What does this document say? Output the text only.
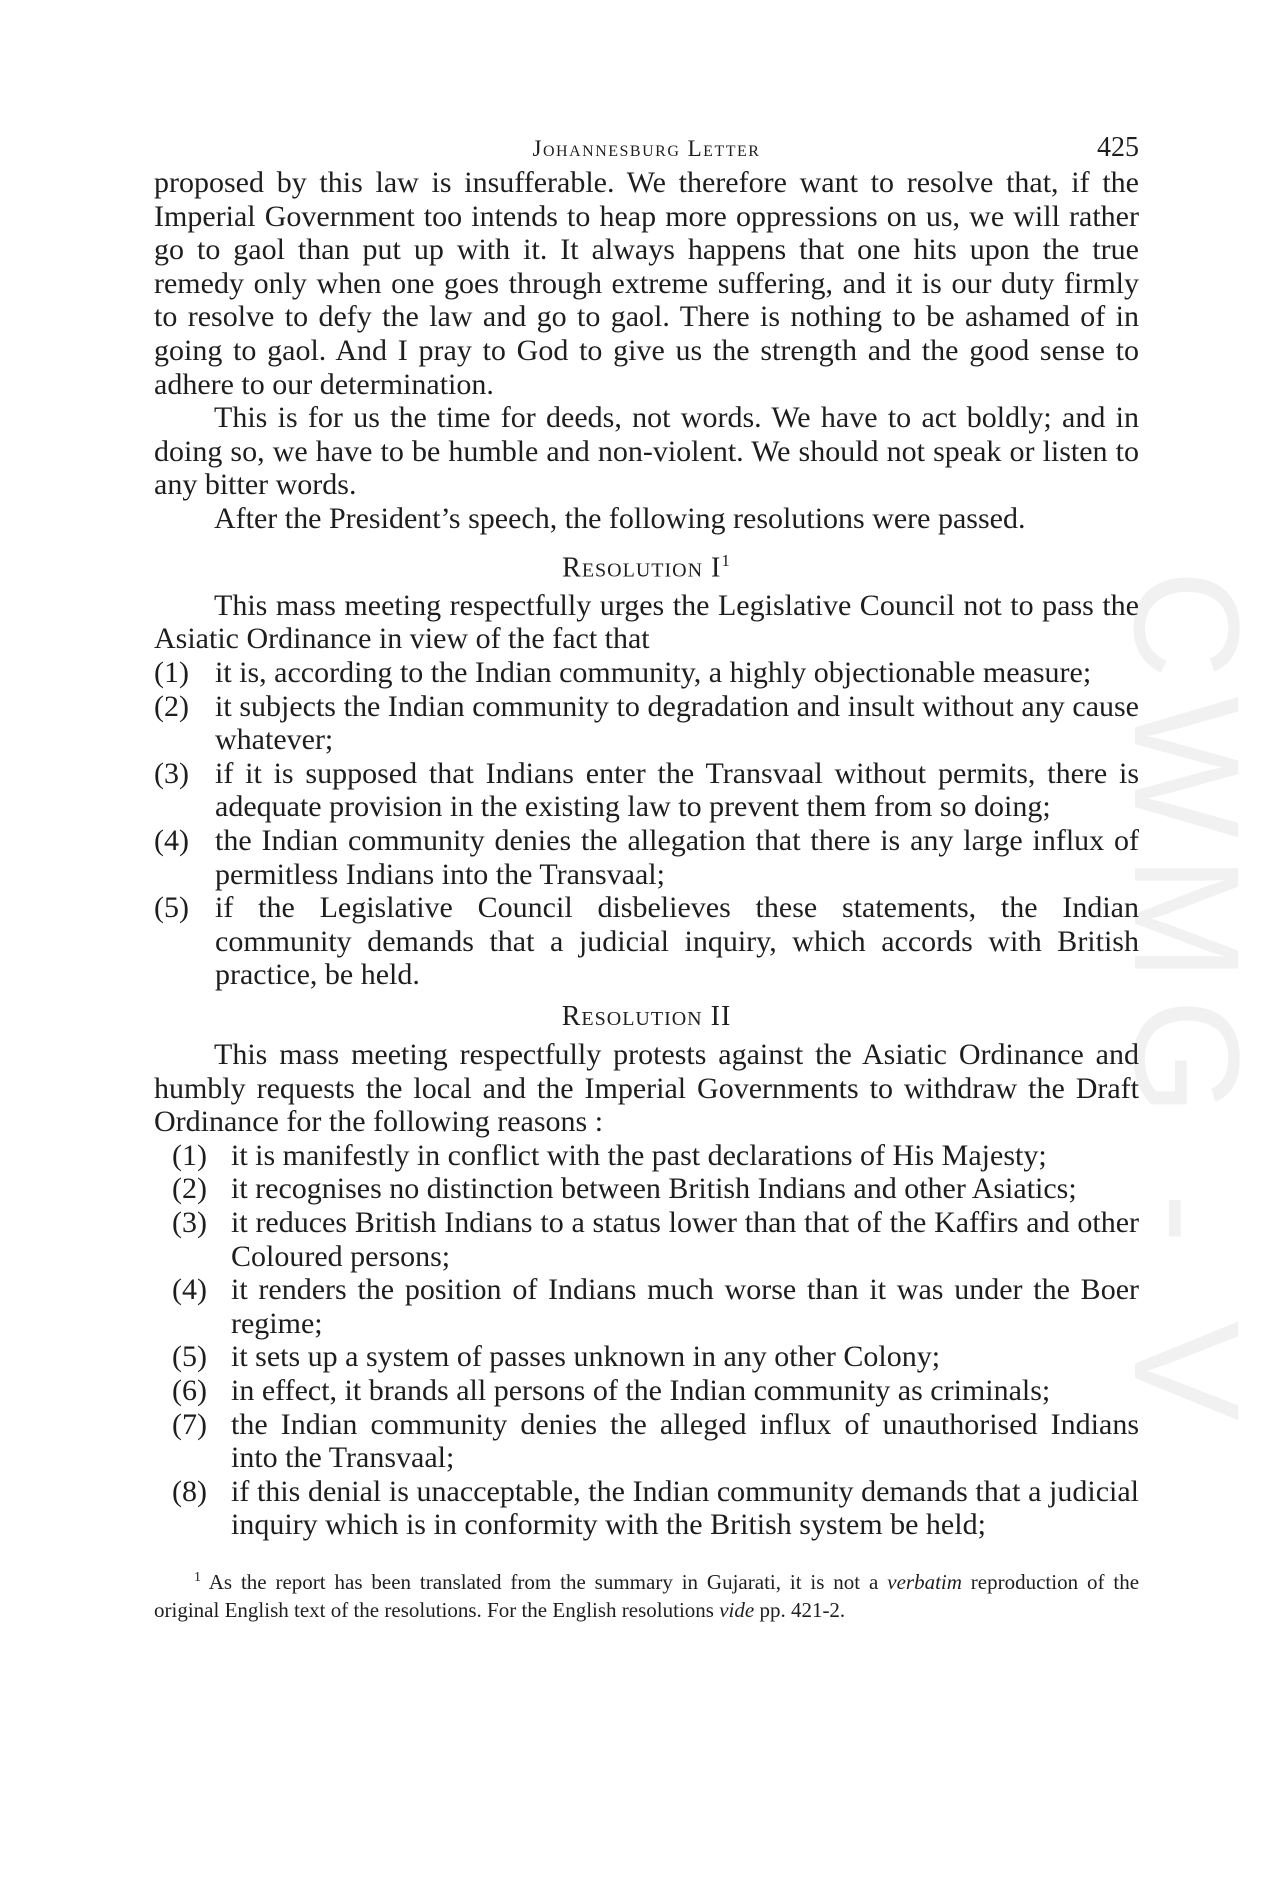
CWMG - V
Johannesburg Letter	425

proposed by this law is insufferable. We therefore want to resolve that, if the Imperial Government too intends to heap more oppressions on us, we will rather go to gaol than put up with it. It always happens that one hits upon the true remedy only when one goes through extreme suffering, and it is our duty firmly to resolve to defy the law and go to gaol. There is nothing to be ashamed of in going to gaol. And I pray to God to give us the strength and the good sense to adhere to our determination.

This is for us the time for deeds, not words. We have to act boldly; and in doing so, we have to be humble and non-violent. We should not speak or listen to any bitter words.

After the President’s speech, the following resolutions were passed.

Resolution $I^1$

This mass meeting respectfully urges the Legislative Council not to pass the Asiatic Ordinance in view of the fact that

(1) it is, according to the Indian community, a highly objectionable measure;
(2) it subjects the Indian community to degradation and insult without any cause whatever;
(3) if it is supposed that Indians enter the Transvaal without permits, there is adequate provision in the existing law to prevent them from so doing;
(4) the Indian community denies the allegation that there is any large influx of permitless Indians into the Transvaal;
(5) if the Legislative Council disbelieves these statements, the Indian community demands that a judicial inquiry, which accords with British practice, be held.
Resolution II

This mass meeting respectfully protests against the Asiatic Ordinance and humbly requests the local and the Imperial Governments to withdraw the Draft Ordinance for the following reasons :

(1) it is manifestly in conflict with the past declarations of His Majesty;
(2) it recognises no distinction between British Indians and other Asiatics;
(3) it reduces British Indians to a status lower than that of the Kaffirs and other Coloured persons;
(4) it renders the position of Indians much worse than it was under the Boer regime;
(5) it sets up a system of passes unknown in any other Colony;
(6) in effect, it brands all persons of the Indian community as criminals;
(7) the Indian community denies the alleged influx of unauthorised Indians into the Transvaal;
(8) if this denial is unacceptable, the Indian community demands that a judicial inquiry which is in conformity with the British system be held;
$^1$ As the report has been translated from the summary in Gujarati, it is not a verbatim reproduction of the original English text of the resolutions. For the English resolutions vide pp. 421-2.
